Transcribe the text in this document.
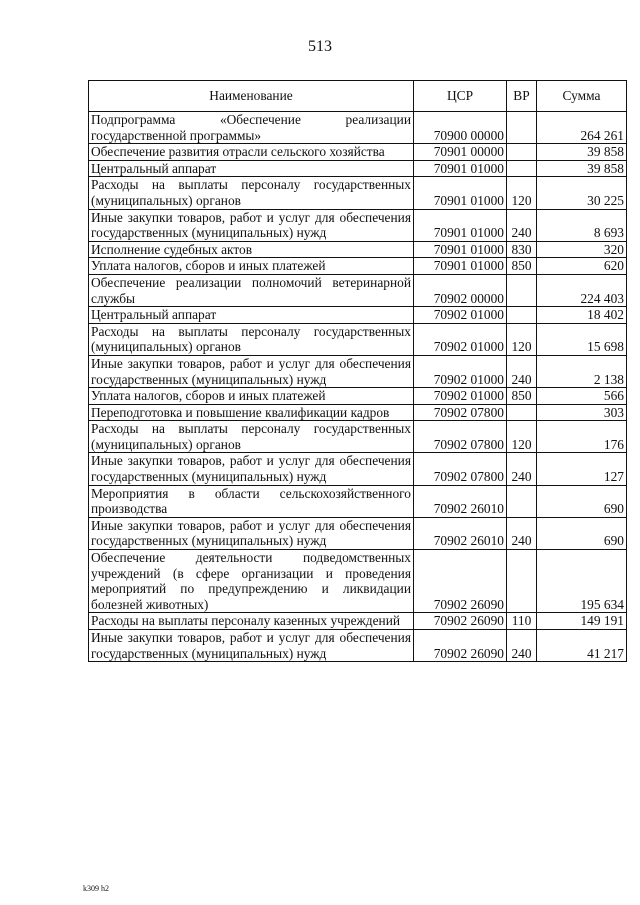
513
Наименование	ЦСР	ВР	Сумма
Подпрограмма «Обеспечение реализации государственной программы»	70900 00000		264 261
Обеспечение развития отрасли сельского хозяйства	70901 00000		39 858
Центральный аппарат	70901 01000		39 858
Расходы на выплаты персоналу государственных (муниципальных) органов	70901 01000	120	30 225
Иные закупки товаров, работ и услуг для обеспечения государственных (муниципальных) нужд	70901 01000	240	8 693
Исполнение судебных актов	70901 01000	830	320
Уплата налогов, сборов и иных платежей	70901 01000	850	620
Обеспечение реализации полномочий ветеринарной службы	70902 00000		224 403
Центральный аппарат	70902 01000		18 402
Расходы на выплаты персоналу государственных (муниципальных) органов	70902 01000	120	15 698
Иные закупки товаров, работ и услуг для обеспечения государственных (муниципальных) нужд	70902 01000	240	2 138
Уплата налогов, сборов и иных платежей	70902 01000	850	566
Переподготовка и повышение квалификации кадров	70902 07800		303
Расходы на выплаты персоналу государственных (муниципальных) органов	70902 07800	120	176
Иные закупки товаров, работ и услуг для обеспечения государственных (муниципальных) нужд	70902 07800	240	127
Мероприятия в области сельскохозяйственного производства	70902 26010		690
Иные закупки товаров, работ и услуг для обеспечения государственных (муниципальных) нужд	70902 26010	240	690
Обеспечение деятельности подведомственных учреждений (в сфере организации и проведения мероприятий по предупреждению и ликвидации болезней животных)	70902 26090		195 634
Расходы на выплаты персоналу казенных учреждений	70902 26090	110	149 191
Иные закупки товаров, работ и услуг для обеспечения государственных (муниципальных) нужд	70902 26090	240	41 217
k309 h2
